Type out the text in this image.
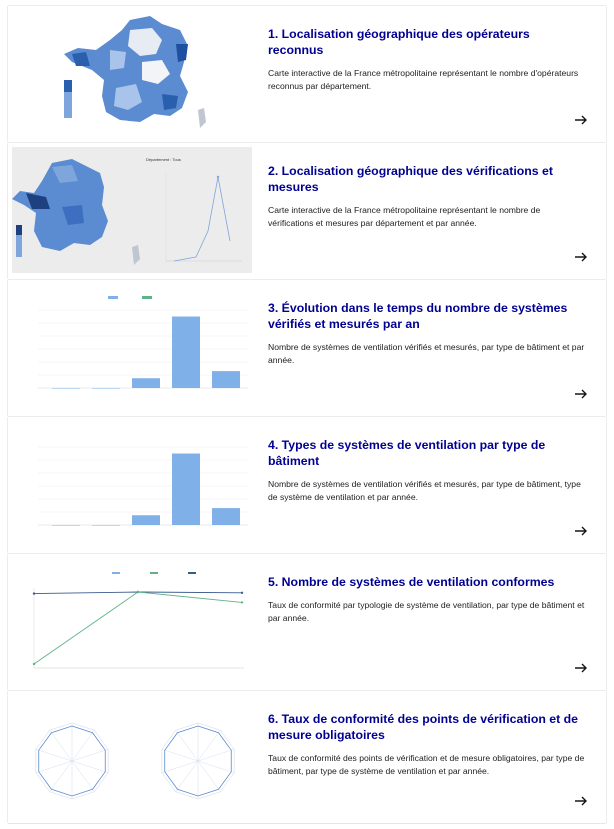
1. Localisation géographique des opérateurs reconnus

Carte interactive de la France métropolitaine représentant le nombre d'opérateurs reconnus par département.

Département : Tous
2. Localisation géographique des vérifications et mesures

Carte interactive de la France métropolitaine représentant le nombre de vérifications et mesures par département et par année.

3. Évolution dans le temps du nombre de systèmes vérifiés et mesurés par an

Nombre de systèmes de ventilation vérifiés et mesurés, par type de bâtiment et par année.

4. Types de systèmes de ventilation par type de bâtiment

Nombre de systèmes de ventilation vérifiés et mesurés, par type de bâtiment, type de système de ventilation et par année.

5. Nombre de systèmes de ventilation conformes

Taux de conformité par typologie de système de ventilation, par type de bâtiment et par année.

6. Taux de conformité des points de vérification et de mesure obligatoires

Taux de conformité des points de vérification et de mesure obligatoires, par type de bâtiment, par type de système de ventilation et par année.
